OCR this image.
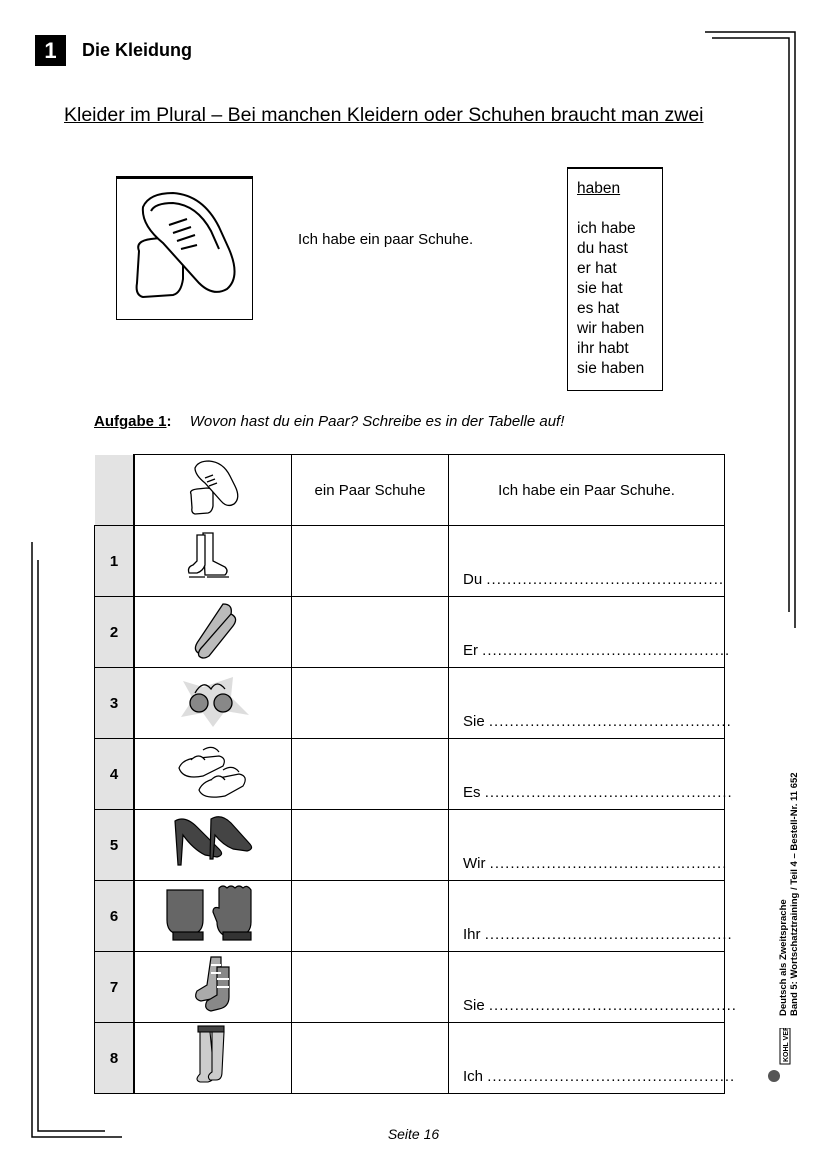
1	Die Kleidung
Kleider im Plural – Bei manchen Kleidern oder Schuhen braucht man zwei
Ich habe ein paar Schuhe.
haben
ich habe
du hast
er hat
sie hat
es hat
wir haben
ihr habt
sie haben
Aufgabe 1: Wovon hast du ein Paar? Schreibe es in der Tabelle auf!
		ein Paar Schuhe	Ich habe ein Paar Schuhe.
1			Du ..............................................

2			Er ................................................

3			Sie ...............................................

4			Es ................................................

5			Wir ..............................................

6			Ihr ................................................

7			Sie ................................................

8			Ich ................................................
Deutsch als Zweitsprache Band 5: Wortschatztraining / Teil 4 – Bestell-Nr. 11 652
KOHL VERLAG
Seite 16
